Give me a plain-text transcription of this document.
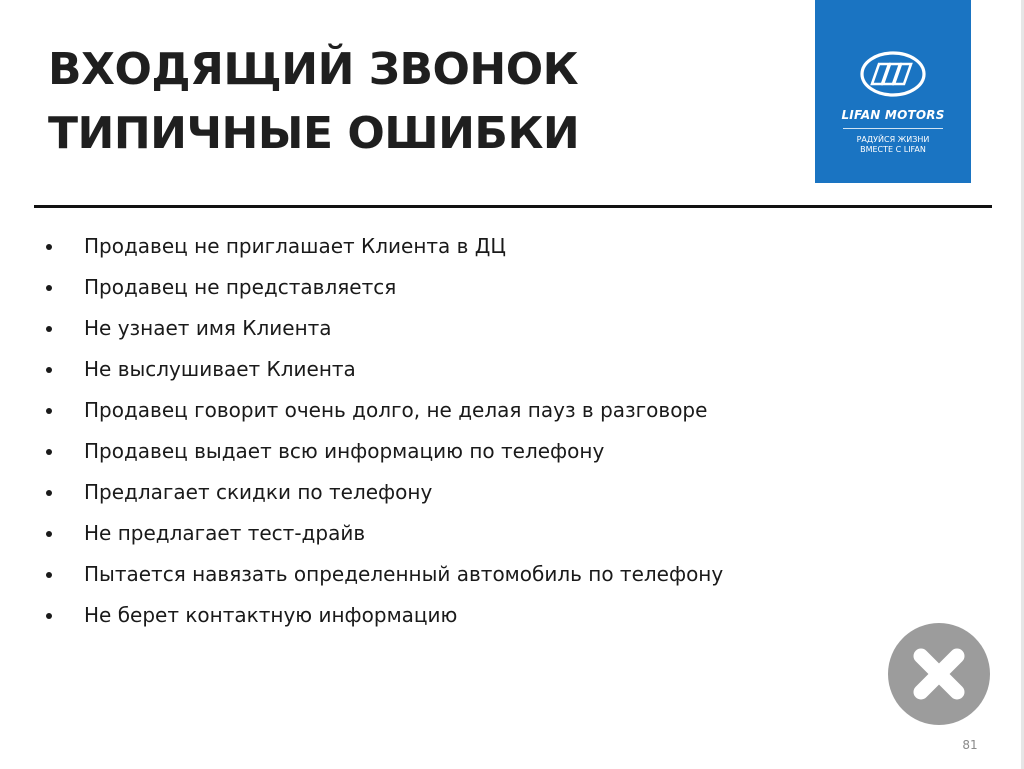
ВХОДЯЩИЙ ЗВОНОК
ТИПИЧНЫЕ ОШИБКИ	LIFAN MOTORS
РАДУЙСЯ ЖИЗНИ
ВМЕСТЕ С LIFAN
Продавец не приглашает Клиента в ДЦ
Продавец не представляется
Не узнает имя Клиента
Не выслушивает Клиента
Продавец говорит очень долго, не делая пауз в разговоре
Продавец выдает всю информацию по телефону
Предлагает скидки по телефону
Не предлагает тест-драйв
Пытается навязать определенный автомобиль по телефону
Не берет контактную информацию
81
